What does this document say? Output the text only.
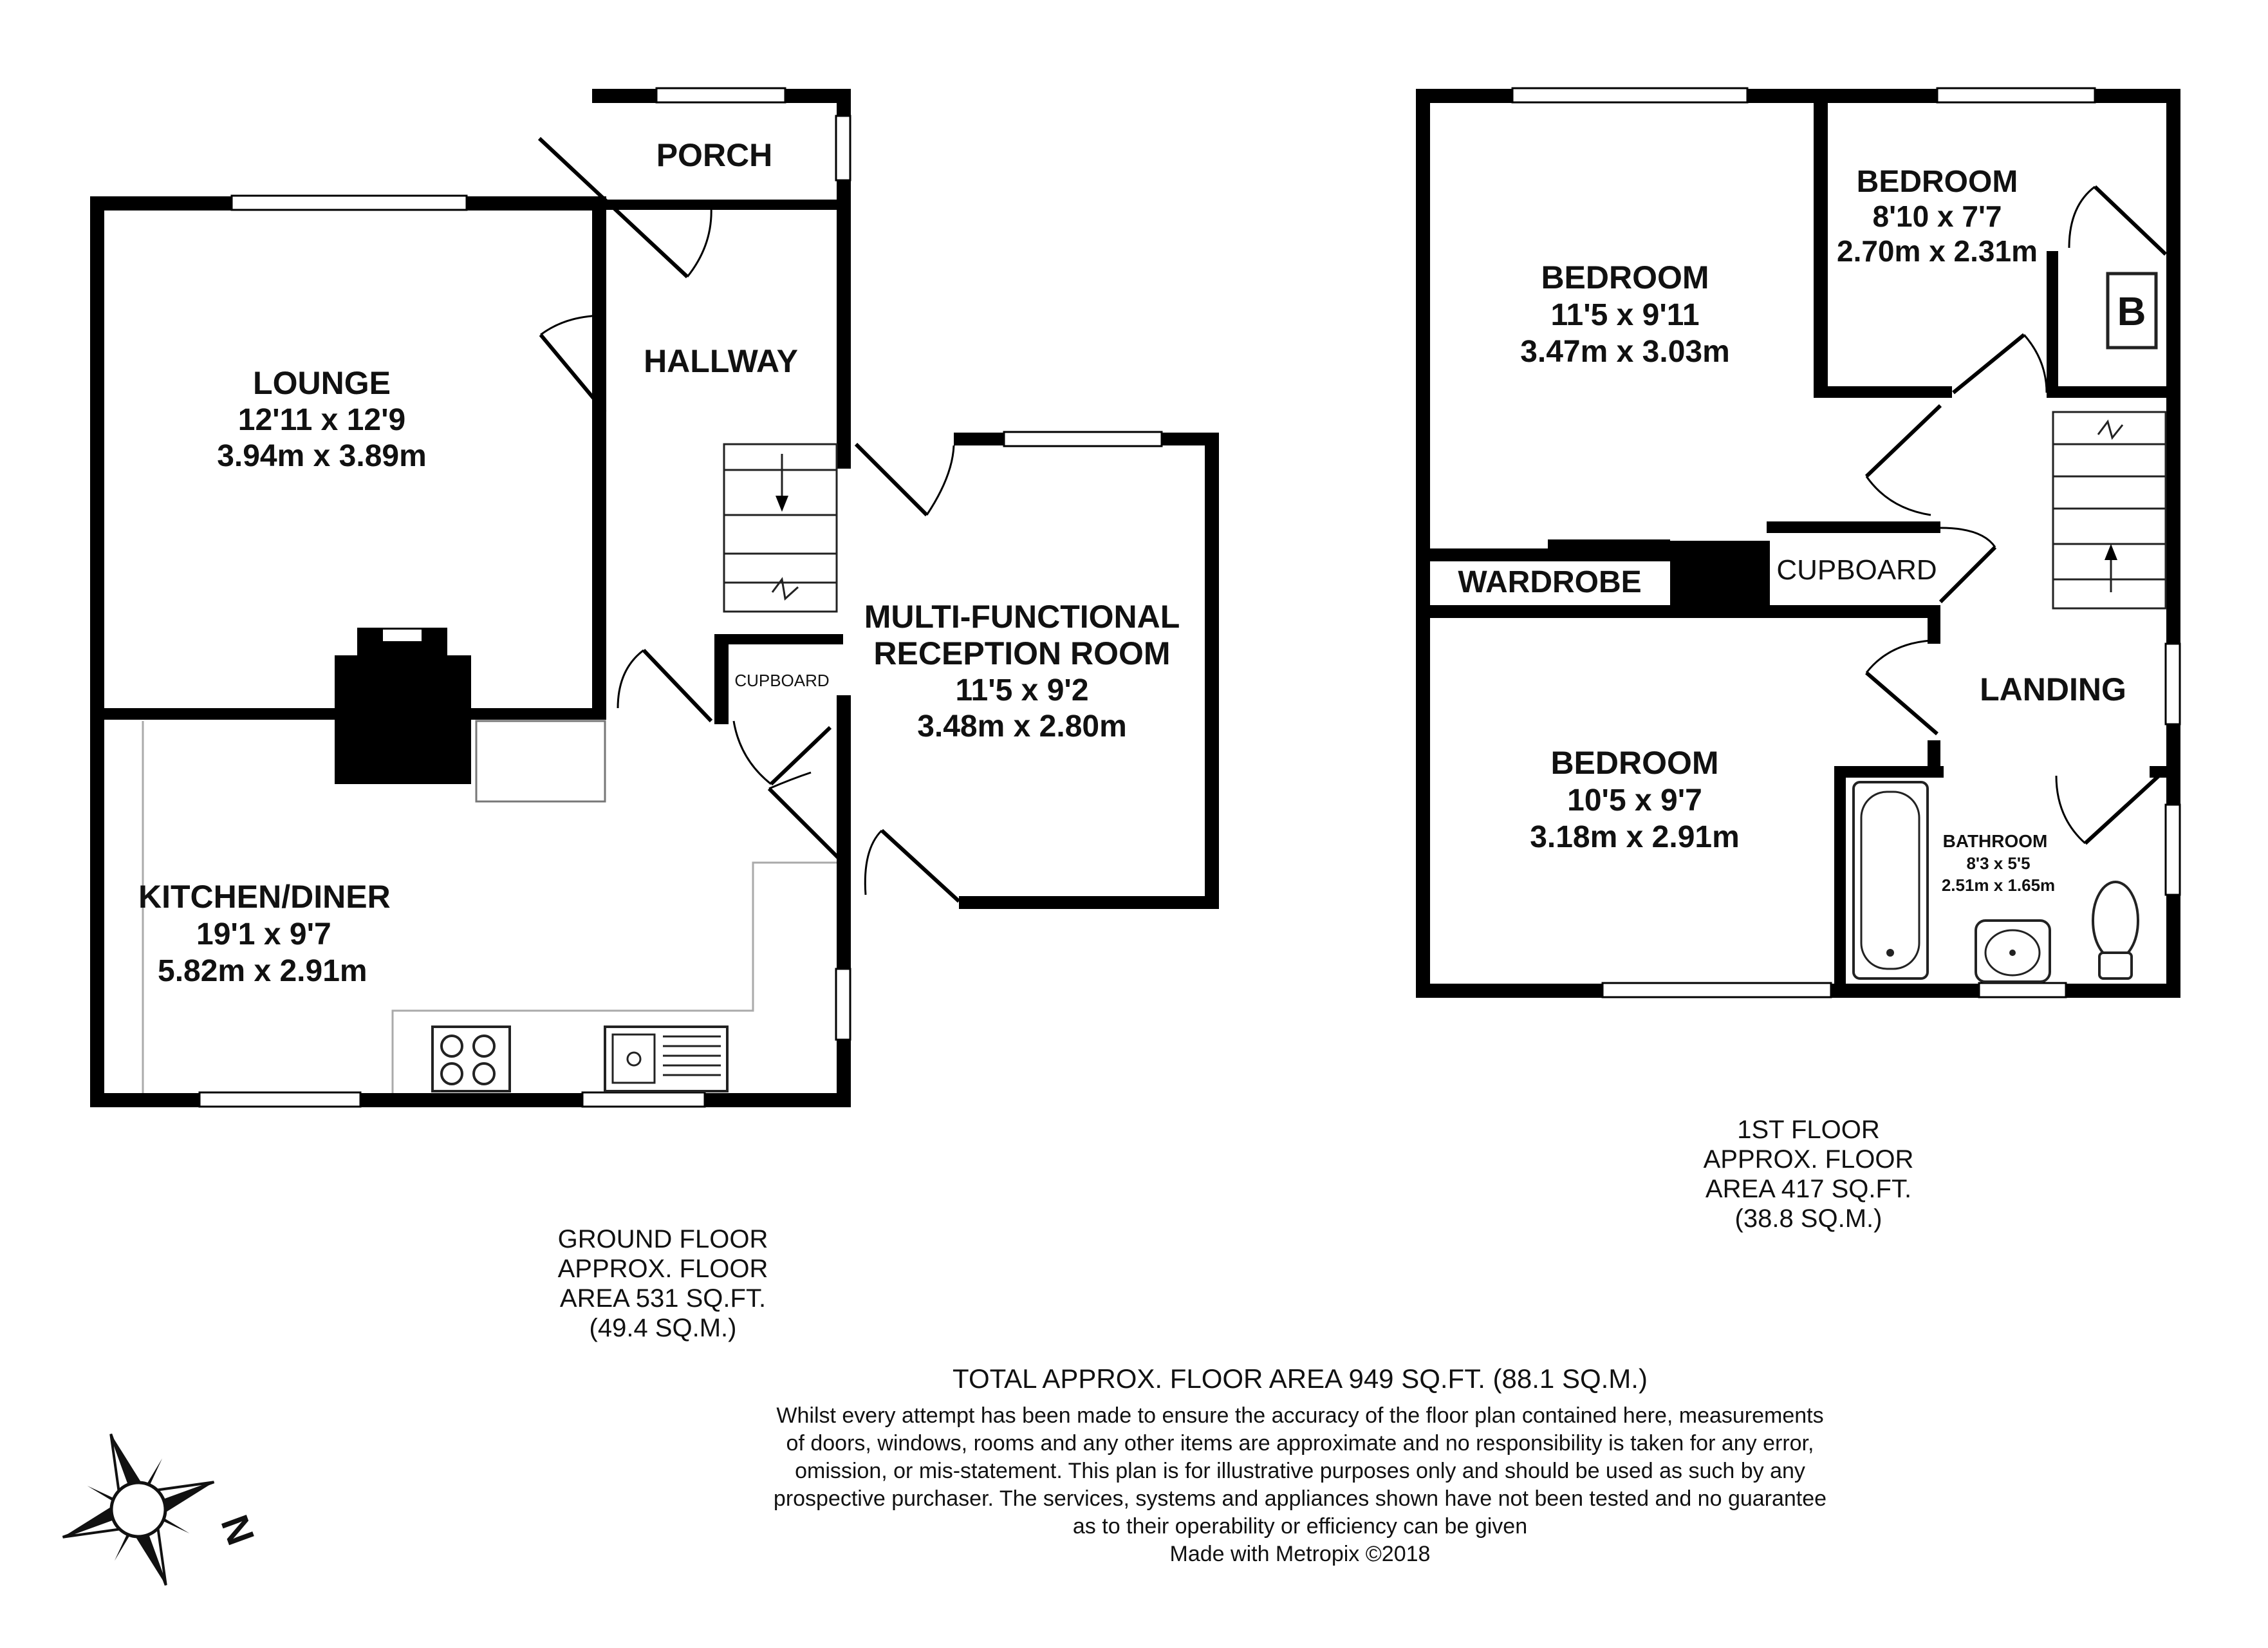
PORCH
HALLWAY
LOUNGE
12'11 x 12'9
3.94m x 3.89m
KITCHEN/DINER
19'1 x 9'7
5.82m x 2.91m
MULTI-FUNCTIONAL
RECEPTION ROOM
11'5 x 9'2
3.48m x 2.80m
CUPBOARD
BEDROOM
8'10 x 7'7
2.70m x 2.31m
BEDROOM
11'5 x 9'11
3.47m x 3.03m
WARDROBE	CUPBOARD
LANDING
BEDROOM
10'5 x 9'7
3.18m x 2.91m	BATHROOM
8'3 x 5'5
2.51m x 1.65m
B
GROUND FLOOR
APPROX. FLOOR
AREA 531 SQ.FT.
(49.4 SQ.M.)
1ST FLOOR
APPROX. FLOOR
AREA 417 SQ.FT.
(38.8 SQ.M.)
TOTAL APPROX. FLOOR AREA 949 SQ.FT. (88.1 SQ.M.)
Whilst every attempt has been made to ensure the accuracy of the floor plan contained here, measurements
of doors, windows, rooms and any other items are approximate and no responsibility is taken for any error,
omission, or mis-statement. This plan is for illustrative purposes only and should be used as such by any
prospective purchaser. The services, systems and appliances shown have not been tested and no guarantee
as to their operability or efficiency can be given
Made with Metropix ©2018
N
